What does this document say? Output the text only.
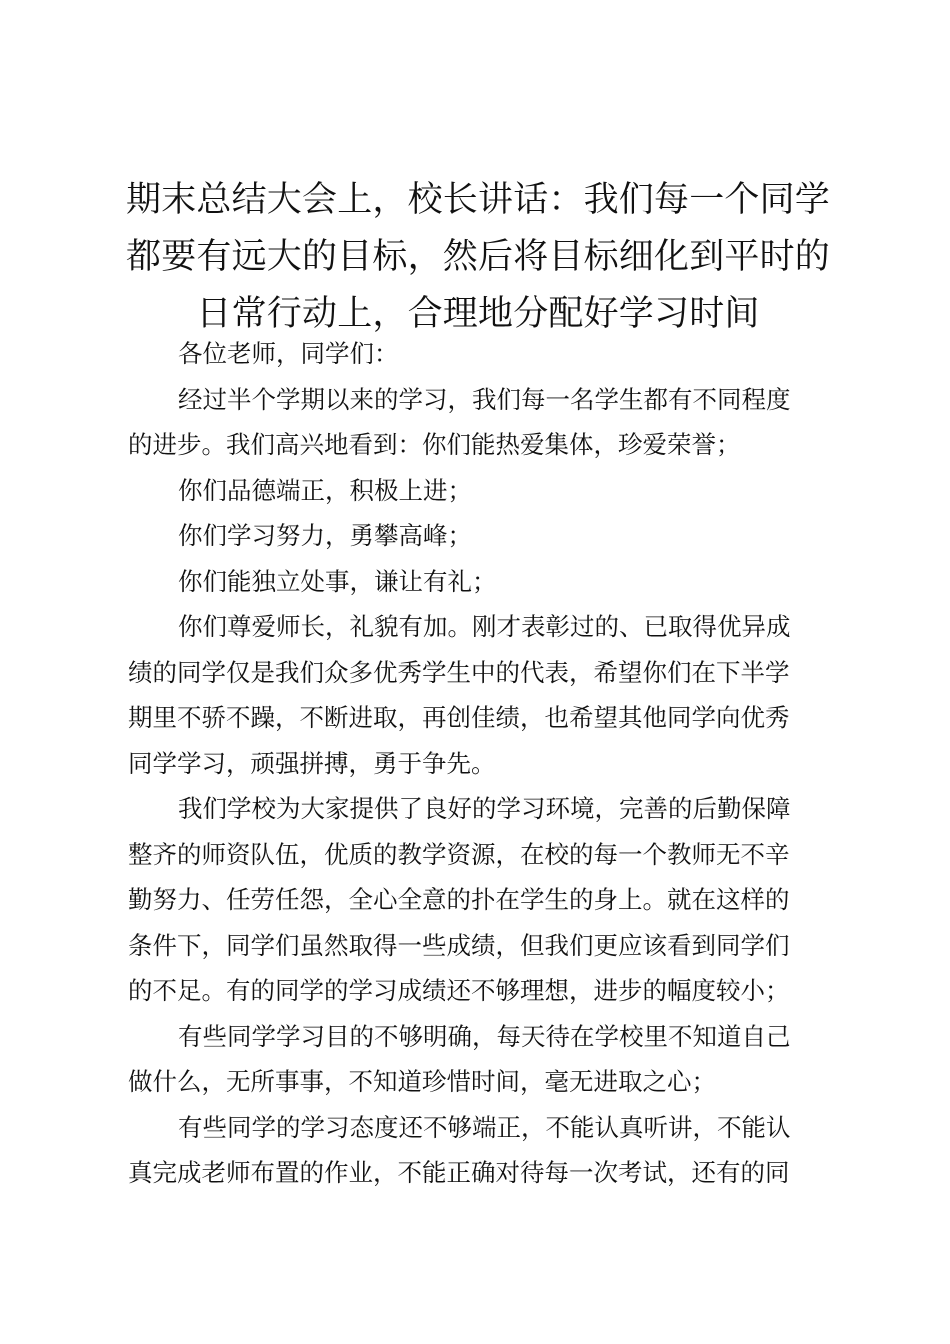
期末总结大会上，校长讲话：我们每一个同学
都要有远大的目标，然后将目标细化到平时的
日常行动上，合理地分配好学习时间

各位老师，同学们：

经过半个学期以来的学习，我们每一名学生都有不同程度
的进步。我们高兴地看到：你们能热爱集体，珍爱荣誉；

你们品德端正，积极上进；

你们学习努力，勇攀高峰；

你们能独立处事，谦让有礼；

你们尊爱师长，礼貌有加。刚才表彰过的、已取得优异成
绩的同学仅是我们众多优秀学生中的代表，希望你们在下半学
期里不骄不躁，不断进取，再创佳绩，也希望其他同学向优秀
同学学习，顽强拼搏，勇于争先。

我们学校为大家提供了良好的学习环境，完善的后勤保障
整齐的师资队伍，优质的教学资源，在校的每一个教师无不辛
勤努力、任劳任怨，全心全意的扑在学生的身上。就在这样的
条件下，同学们虽然取得一些成绩，但我们更应该看到同学们
的不足。有的同学的学习成绩还不够理想，进步的幅度较小；

有些同学学习目的不够明确，每天待在学校里不知道自己
做什么，无所事事，不知道珍惜时间，毫无进取之心；

有些同学的学习态度还不够端正，不能认真听讲，不能认
真完成老师布置的作业，不能正确对待每一次考试，还有的同
